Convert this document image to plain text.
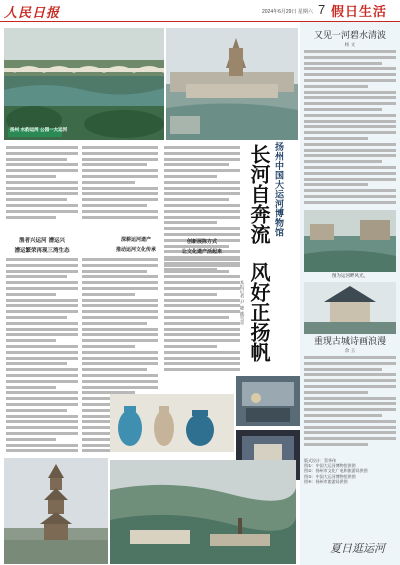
人民日报	2024年6月29日 星期六 7 假日生活
扬州 水韵运河 公园一大运河
渔者兴运河 漕运兴
漕运繁荣再现三湾生态
深耕运河遗产
推动运河文化传承
创新展陈方式
让文化遗产活起来
扬州中国大运河博物馆
长河自奔流
风好正扬帆
本报记者 尹 婕 姚雪青
又见一河碧水清波
杨 文
图为运河畔风光。
重现古城诗画浪漫
余 玉
版式设计：蔡华伟
图①：中国大运河博物馆供图
图②：扬州市文化广电和旅游局供图
图③：中国大运河博物馆供图
图④：扬州市旅游局供图
夏日逛运河
